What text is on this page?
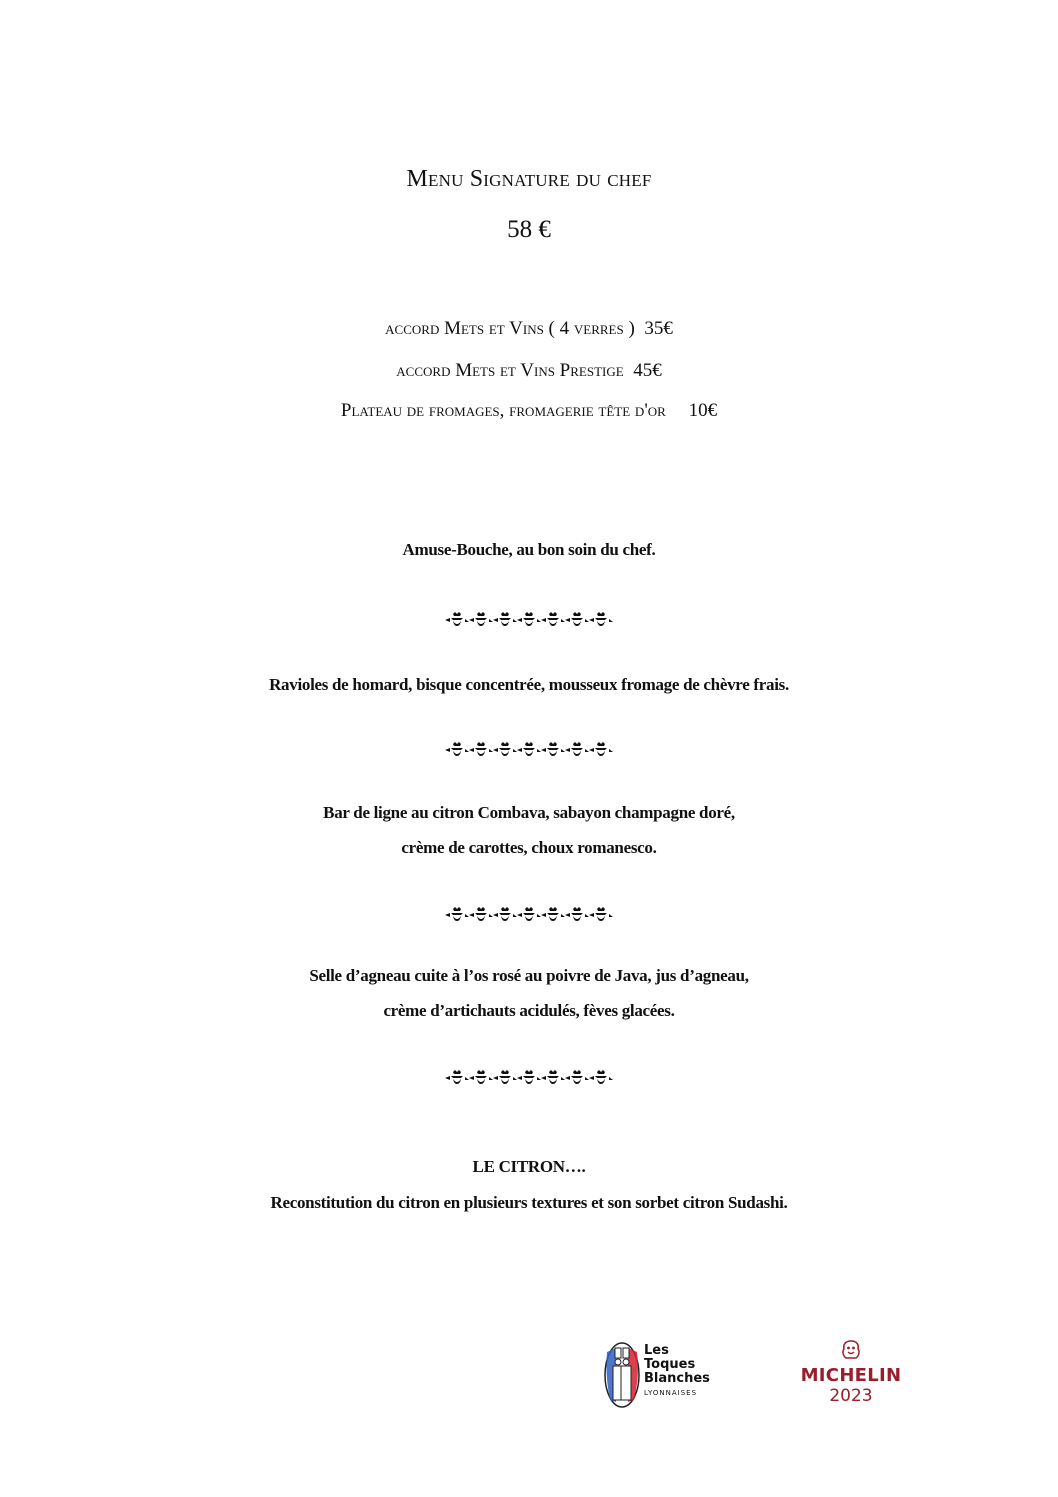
Menu Signature du chef
58 €
accord Mets et Vins ( 4 verres ) 35€
accord Mets et Vins Prestige 45€
Plateau de fromages, fromagerie tête d'or 10€
Amuse-Bouche, au bon soin du chef.
Ravioles de homard, bisque concentrée, mousseux fromage de chèvre frais.
Bar de ligne au citron Combava, sabayon champagne doré,
crème de carottes, choux romanesco.
Selle d’agneau cuite à l’os rosé au poivre de Java, jus d’agneau,
crème d’artichauts acidulés, fèves glacées.
LE CITRON….
Reconstitution du citron en plusieurs textures et son sorbet citron Sudashi.
Les
Toques
Blanches
LYONNAISES
MICHELIN
2023
